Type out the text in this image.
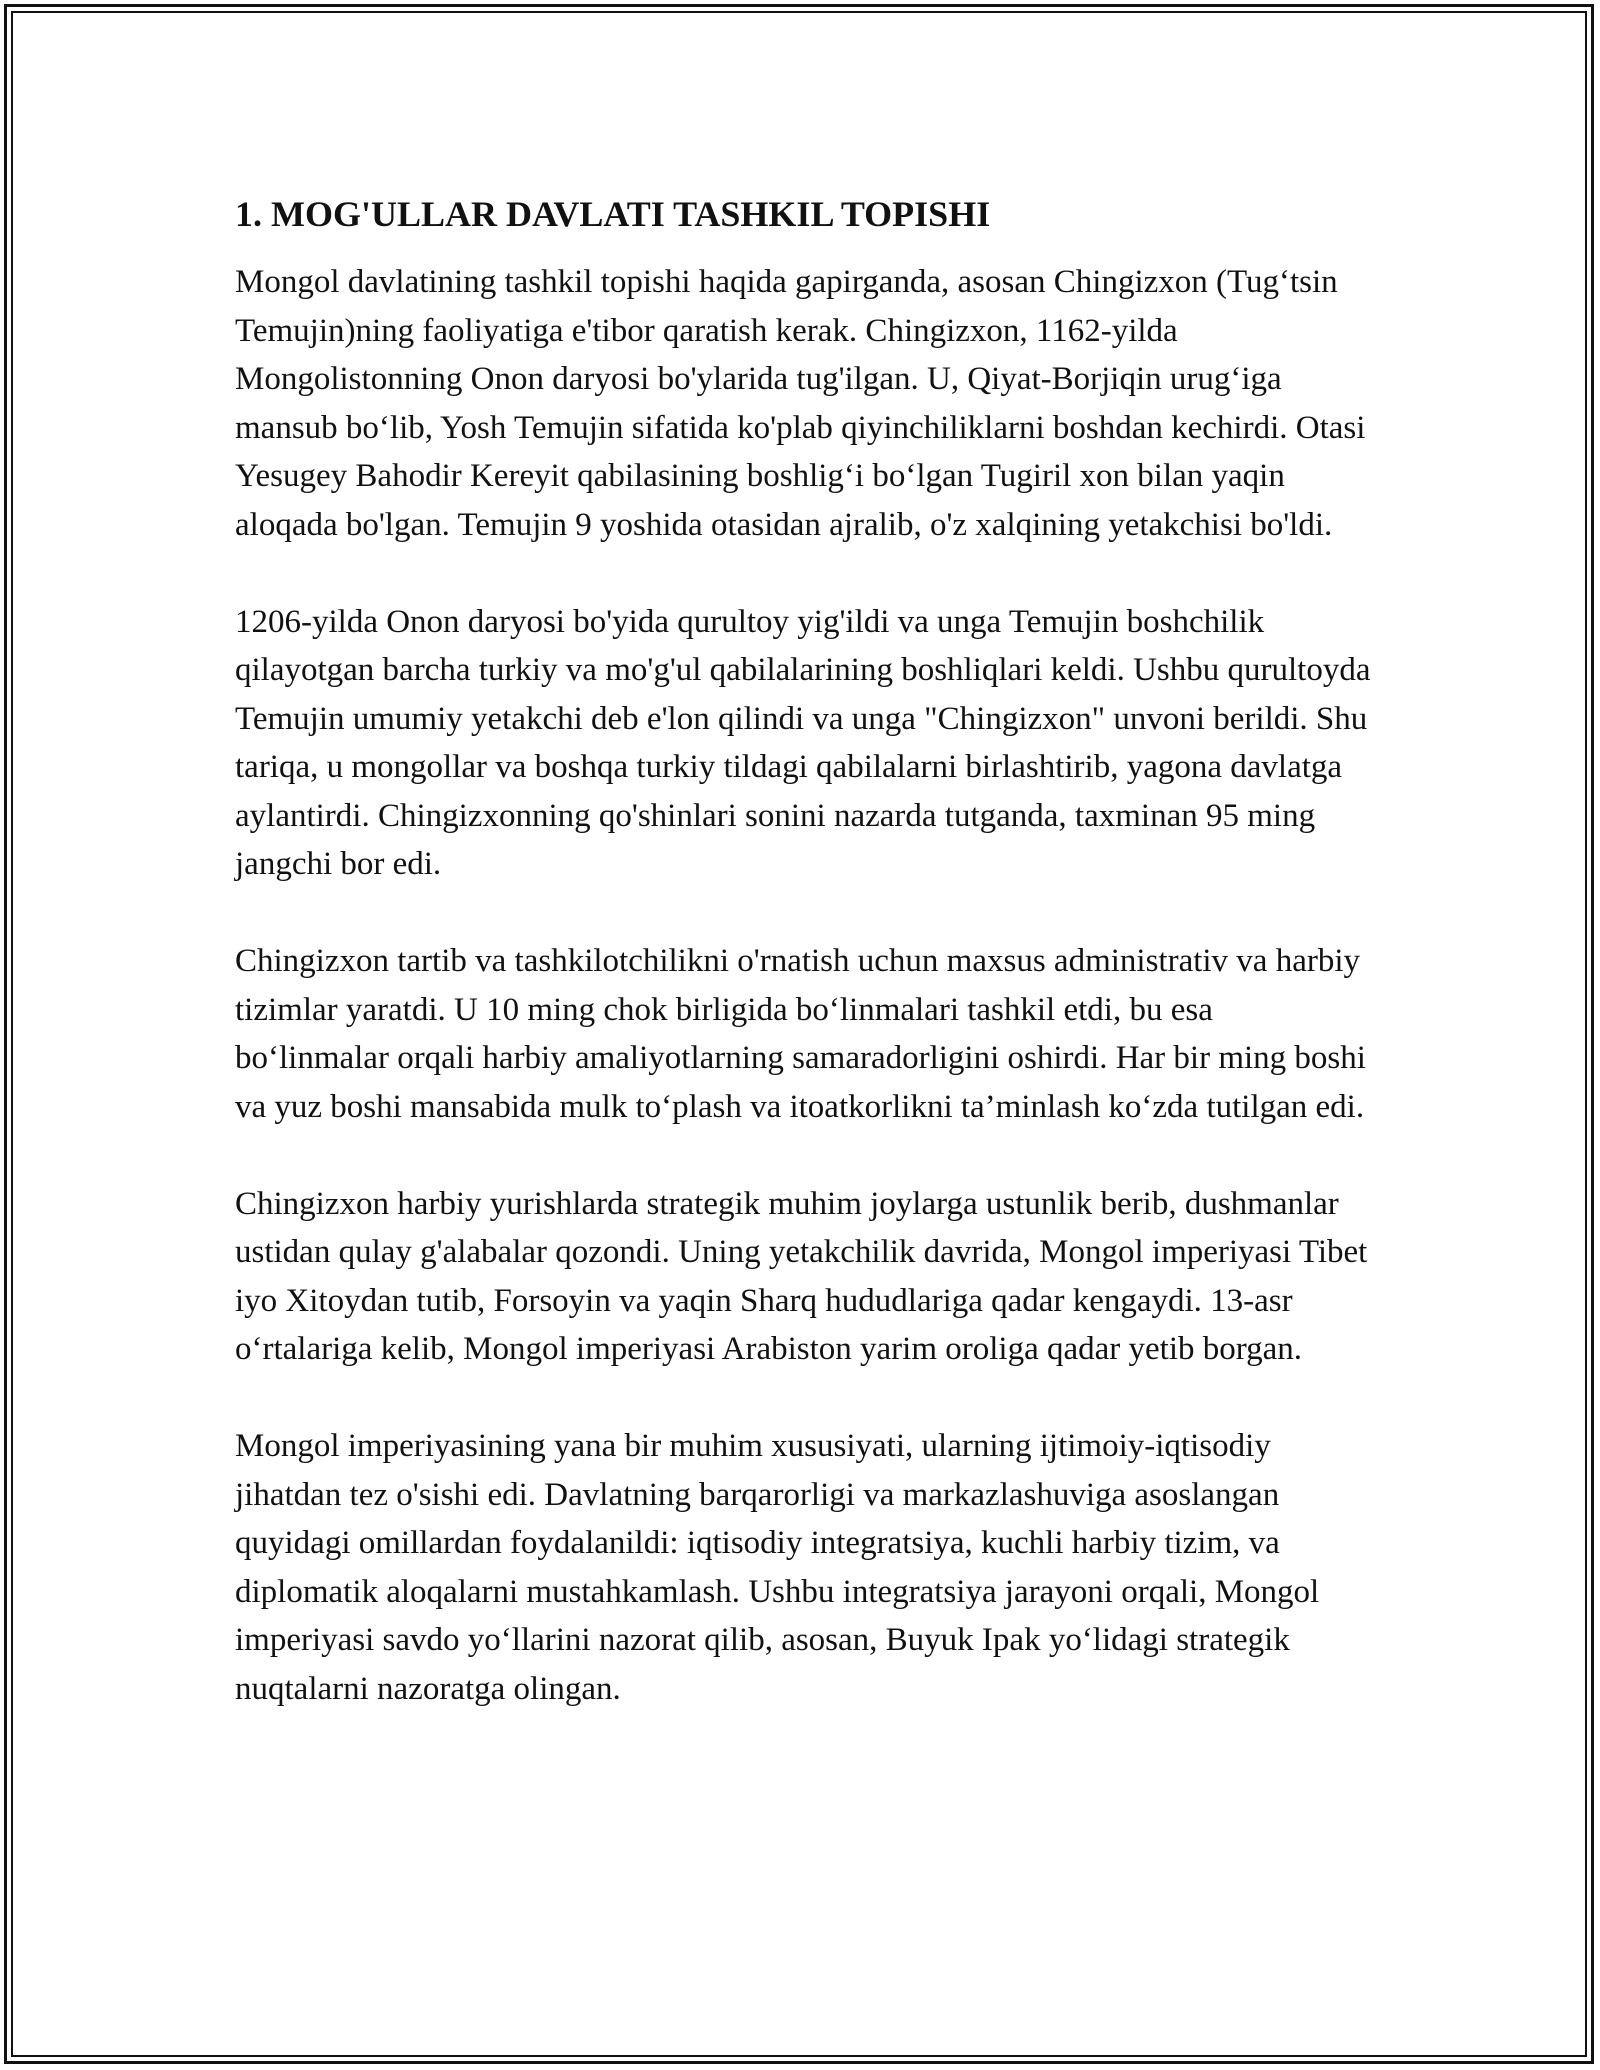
1. MOG'ULLAR DAVLATI TASHKIL TOPISHI

Mongol davlatining tashkil topishi haqida gapirganda, asosan Chingizxon (Tug‘tsin Temujin)ning faoliyatiga e'tibor qaratish kerak. Chingizxon, 1162-yilda Mongolistonning Onon daryosi bo'ylarida tug'ilgan. U, Qiyat-Borjiqin urug‘iga mansub bo‘lib, Yosh Temujin sifatida ko'plab qiyinchiliklarni boshdan kechirdi. Otasi Yesugey Bahodir Kereyit qabilasining boshlig‘i bo‘lgan Tugiril xon bilan yaqin aloqada bo'lgan. Temujin 9 yoshida otasidan ajralib, o'z xalqining yetakchisi bo'ldi.

1206-yilda Onon daryosi bo'yida qurultoy yig'ildi va unga Temujin boshchilik qilayotgan barcha turkiy va mo'g'ul qabilalarining boshliqlari keldi. Ushbu qurultoyda Temujin umumiy yetakchi deb e'lon qilindi va unga "Chingizxon" unvoni berildi. Shu tariqa, u mongollar va boshqa turkiy tildagi qabilalarni birlashtirib, yagona davlatga aylantirdi. Chingizxonning qo'shinlari sonini nazarda tutganda, taxminan 95 ming jangchi bor edi.

Chingizxon tartib va tashkilotchilikni o'rnatish uchun maxsus administrativ va harbiy tizimlar yaratdi. U 10 ming chok birligida bo‘linmalari tashkil etdi, bu esa bo‘linmalar orqali harbiy amaliyotlarning samaradorligini oshirdi. Har bir ming boshi va yuz boshi mansabida mulk to‘plash va itoatkorlikni ta’minlash ko‘zda tutilgan edi.

Chingizxon harbiy yurishlarda strategik muhim joylarga ustunlik berib, dushmanlar ustidan qulay g'alabalar qozondi. Uning yetakchilik davrida, Mongol imperiyasi Tibet iyo Xitoydan tutib, Forsoyin va yaqin Sharq hududlariga qadar kengaydi. 13-asr o‘rtalariga kelib, Mongol imperiyasi Arabiston yarim oroliga qadar yetib borgan.

Mongol imperiyasining yana bir muhim xususiyati, ularning ijtimoiy-iqtisodiy jihatdan tez o'sishi edi. Davlatning barqarorligi va markazlashuviga asoslangan quyidagi omillardan foydalanildi: iqtisodiy integratsiya, kuchli harbiy tizim, va diplomatik aloqalarni mustahkamlash. Ushbu integratsiya jarayoni orqali, Mongol imperiyasi savdo yo‘llarini nazorat qilib, asosan, Buyuk Ipak yo‘lidagi strategik nuqtalarni nazoratga olingan.
